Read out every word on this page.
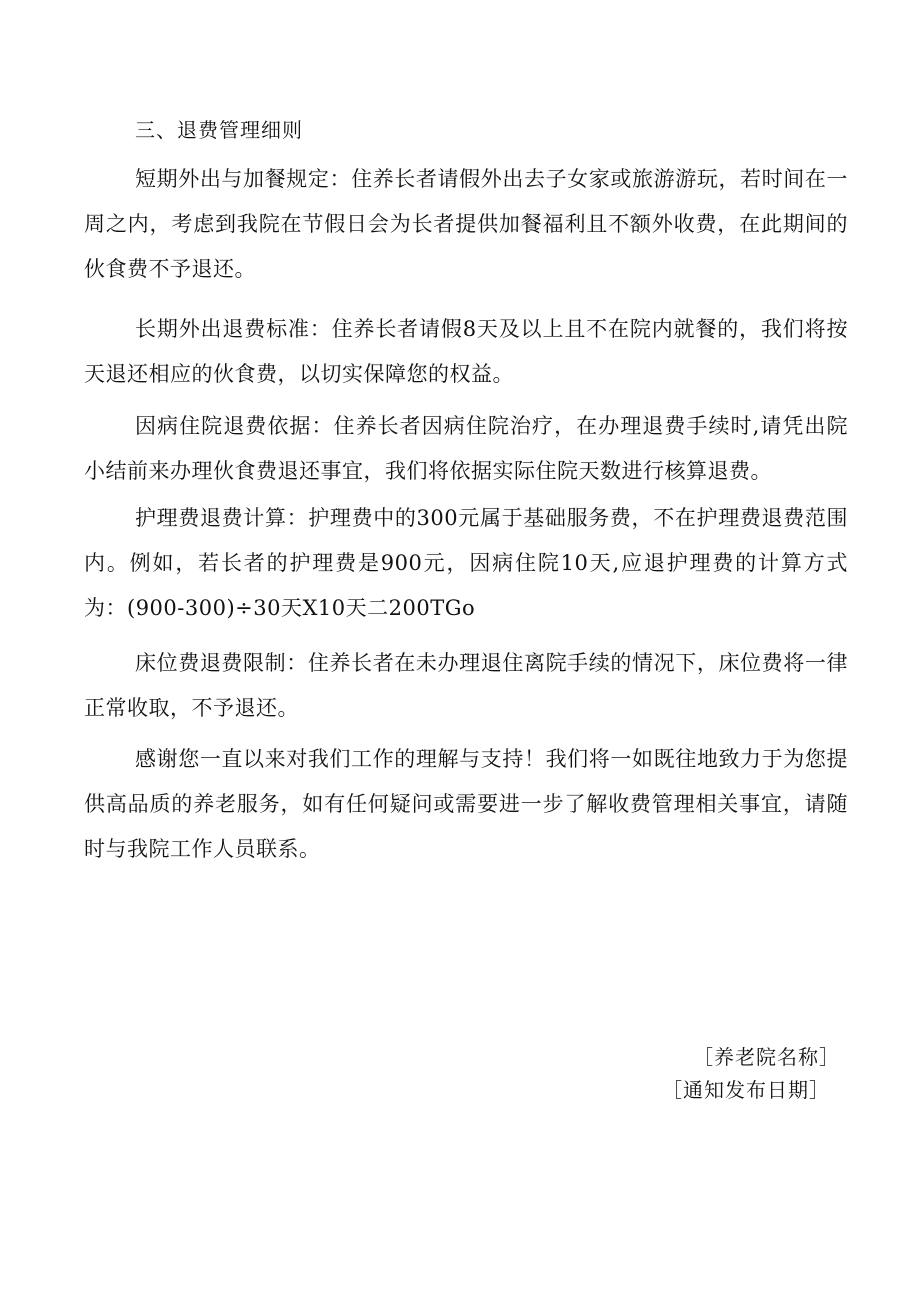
三、退费管理细则

短期外出与加餐规定：住养长者请假外出去子女家或旅游游玩，若时间在一周之内，考虑到我院在节假日会为长者提供加餐福利且不额外收费，在此期间的伙食费不予退还。

长期外出退费标准：住养长者请假8天及以上且不在院内就餐的，我们将按天退还相应的伙食费，以切实保障您的权益。

因病住院退费依据：住养长者因病住院治疗，在办理退费手续时,请凭出院小结前来办理伙食费退还事宜，我们将依据实际住院天数进行核算退费。

护理费退费计算：护理费中的300元属于基础服务费，不在护理费退费范围内。例如，若长者的护理费是900元，因病住院10天,应退护理费的计算方式为：(900-300)÷30天X10天二200TGo

床位费退费限制：住养长者在未办理退住离院手续的情况下，床位费将一律正常收取，不予退还。

感谢您一直以来对我们工作的理解与支持！我们将一如既往地致力于为您提供高品质的养老服务，如有任何疑问或需要进一步了解收费管理相关事宜，请随时与我院工作人员联系。

［养老院名称］
［通知发布日期］
